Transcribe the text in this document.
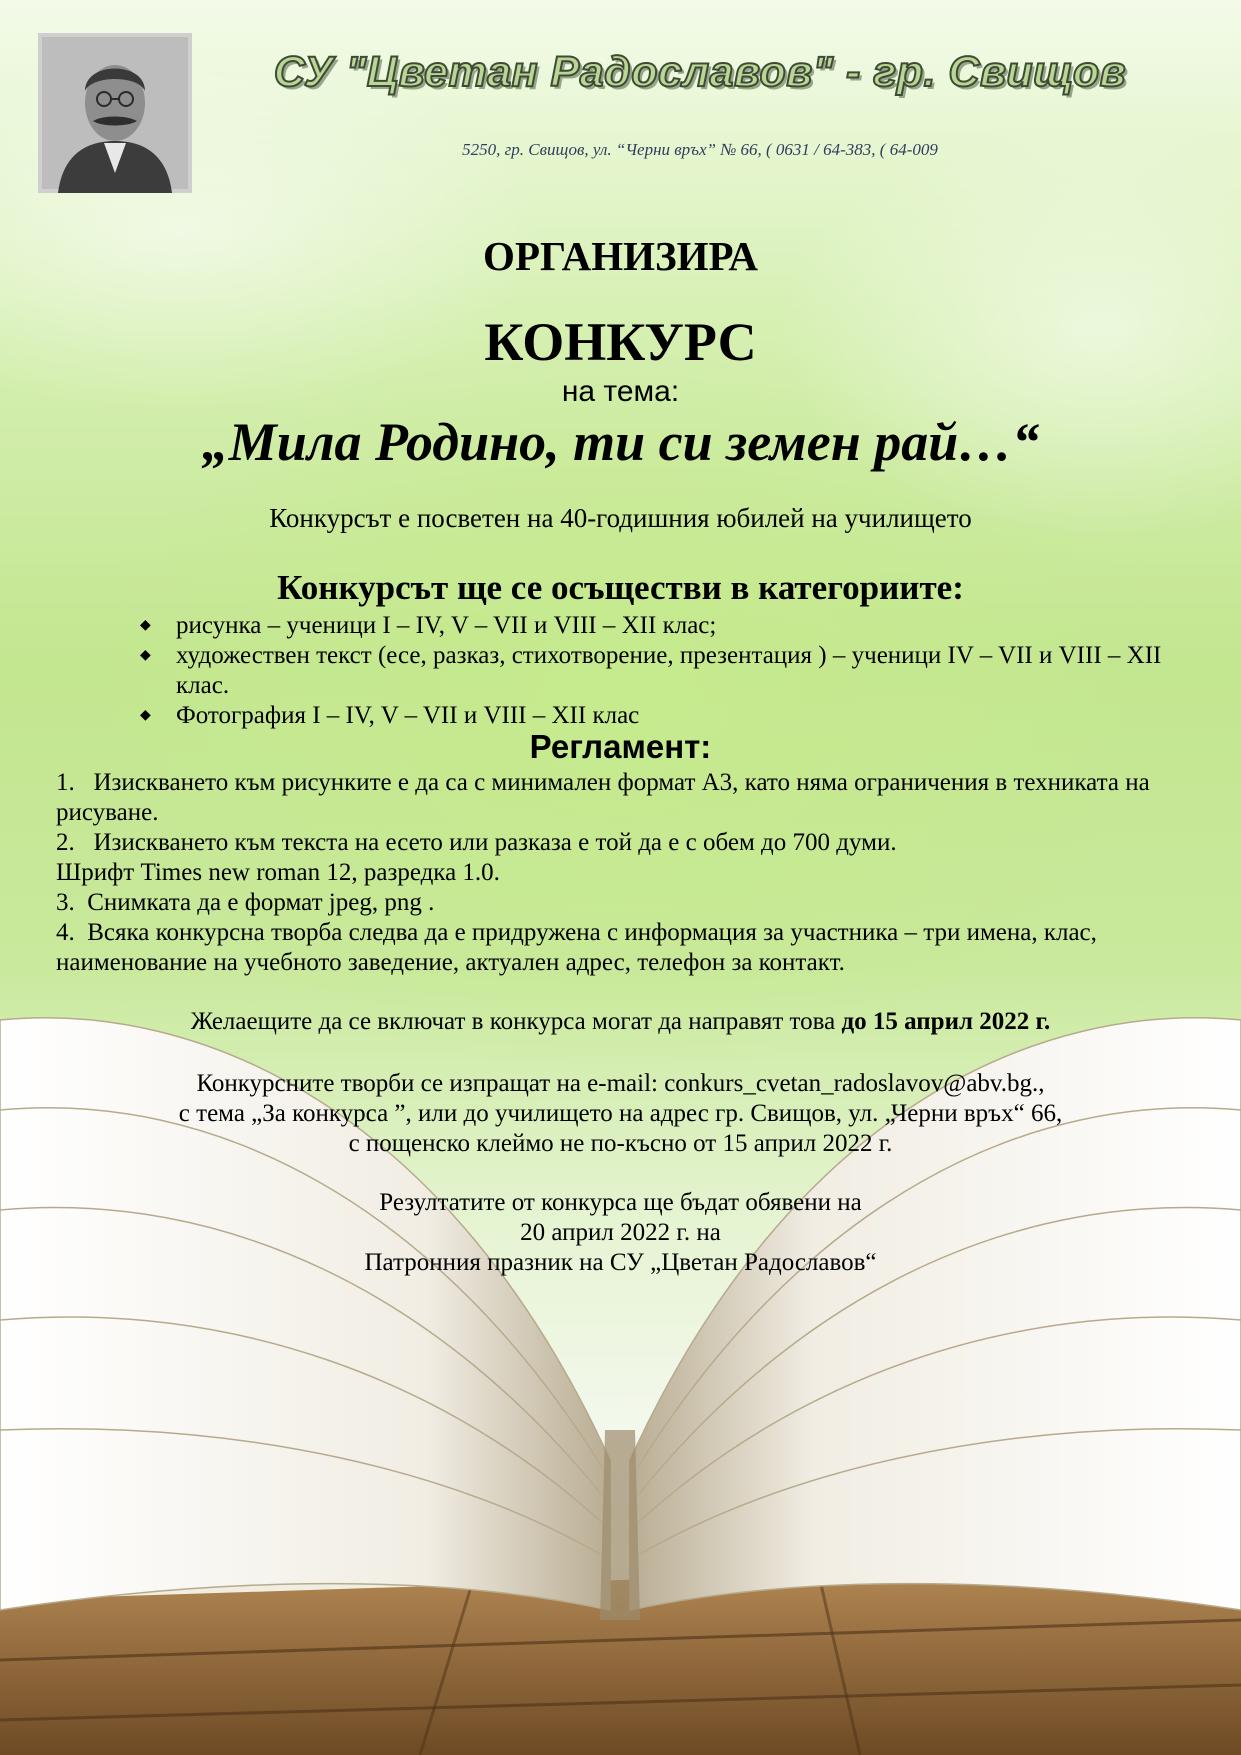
СУ "Цветан Радославов" - гр. Свищов
5250, гр. Свищов, ул. “Черни връх” № 66, ( 0631 / 64-383, ( 64-009
ОРГАНИЗИРА
КОНКУРС
на тема:
„Мила Родино, ти си земен рай…“
Конкурсът е посветен на 40-годишния юбилей на училището
Конкурсът ще се осъществи в категориите:
◆ рисунка – ученици I – IV, V – VII и VIII – XII клас;
◆ художествен текст (есе, разказ, стихотворение, презентация ) – ученици IV – VII и VIII – XII клас.
◆ Фотография I – IV, V – VII и VIII – XII клас
Регламент:
1.   Изискването към рисунките е да са с минимален формат А3, като няма ограничения в техниката на рисуване.
2.   Изискването към текста на есето или разказа е той да е с обем до 700 думи.
Шрифт Times new roman 12, разредка 1.0.
3.  Снимката да е формат jpeg, png .
4.  Всяка конкурсна творба следва да е придружена с информация за участника – три имена, клас, наименование на учебното заведение, актуален адрес, телефон за контакт.
Желаещите да се включат в конкурса могат да направят това до 15 април 2022 г.
Конкурсните творби се изпращат на e-mail: conkurs_cvetan_radoslavov@abv.bg.,
с тема „За конкурса ”, или до училището на адрес гр. Свищов, ул. „Черни връх“ 66,
с пощенско клеймо не по-късно от 15 април 2022 г.
Резултатите от конкурса ще бъдат обявени на
20 април 2022 г. на
Патронния празник на СУ „Цветан Радославов“
